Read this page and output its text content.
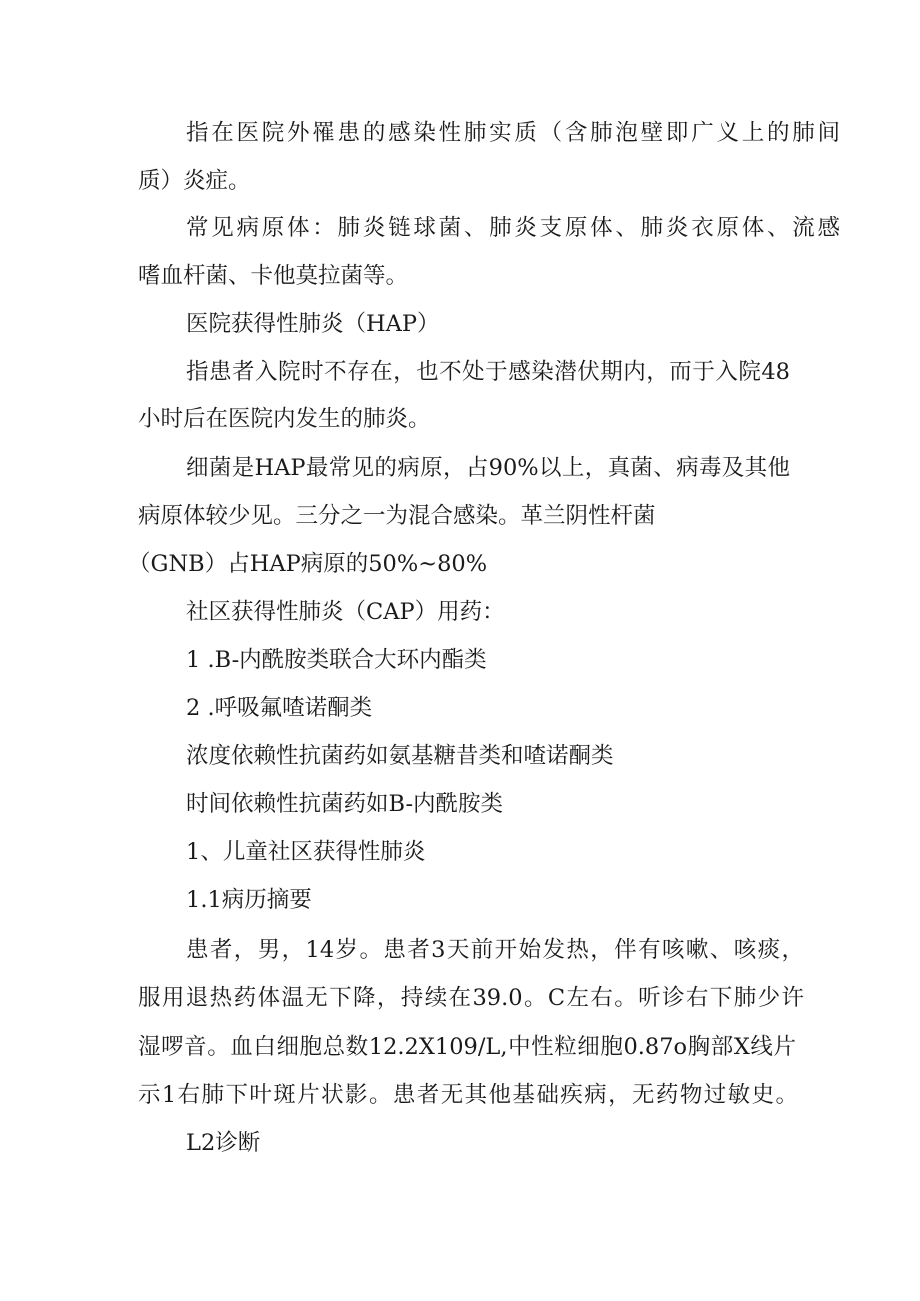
指在医院外罹患的感染性肺实质（含肺泡壁即广义上的肺间
质）炎症。
常见病原体：肺炎链球菌、肺炎支原体、肺炎衣原体、流感
嗜血杆菌、卡他莫拉菌等。
医院获得性肺炎（HAP）
指患者入院时不存在，也不处于感染潜伏期内，而于入院48
小时后在医院内发生的肺炎。
细菌是HAP最常见的病原，占90%以上，真菌、病毒及其他
病原体较少见。三分之一为混合感染。革兰阴性杆菌
（GNB）占HAP病原的50%~80%
社区获得性肺炎（CAP）用药：
1 .B-内酰胺类联合大环内酯类
2 .呼吸氟喳诺酮类
浓度依赖性抗菌药如氨基糖昔类和喳诺酮类
时间依赖性抗菌药如B-内酰胺类
1、儿童社区获得性肺炎
1.1病历摘要
患者，男，14岁。患者3天前开始发热，伴有咳嗽、咳痰，
服用退热药体温无下降，持续在39.0。C左右。听诊右下肺少许
湿啰音。血白细胞总数12.2X109/L,中性粒细胞0.87o胸部X线片
示1右肺下叶斑片状影。患者无其他基础疾病，无药物过敏史。
L2诊断
